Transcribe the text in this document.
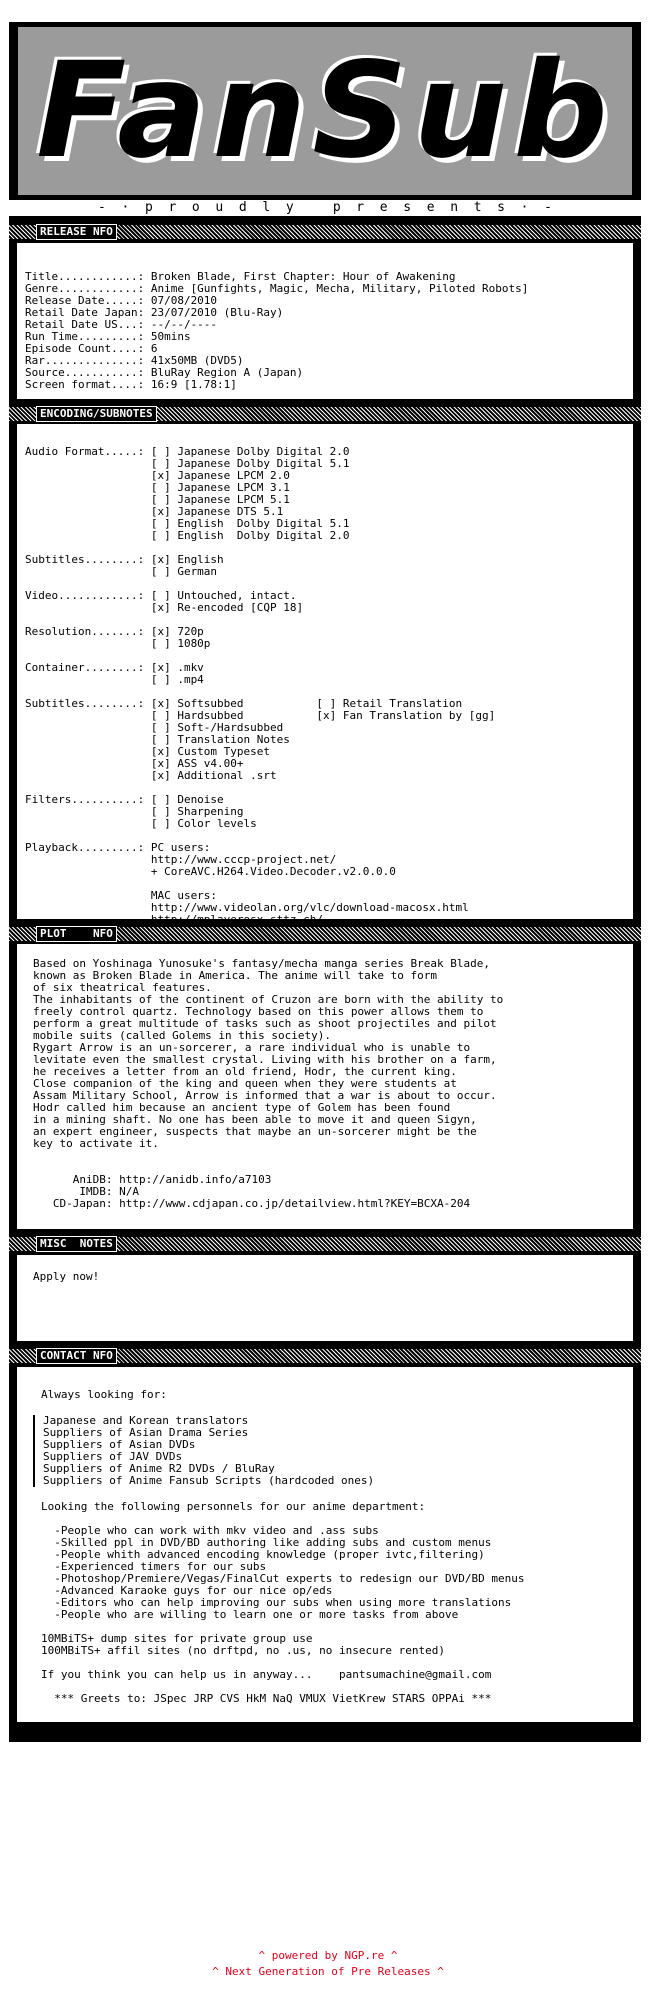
FanSub
-  ·  p  r  o  u  d  l  y     p  r  e  s  e  n  t  s  ·  -
RELEASE NFO
Title............: Broken Blade, First Chapter: Hour of Awakening
Genre............: Anime [Gunfights, Magic, Mecha, Military, Piloted Robots]
Release Date.....: 07/08/2010
Retail Date Japan: 23/07/2010 (Blu-Ray)
Retail Date US...: --/--/----
Run Time.........: 50mins
Episode Count....: 6
Rar..............: 41x50MB (DVD5)
Source...........: BluRay Region A (Japan)
Screen format....: 16:9 [1.78:1]
ENCODING/SUBNOTES
Audio Format.....: [ ] Japanese Dolby Digital 2.0
[ ] Japanese Dolby Digital 5.1
[x] Japanese LPCM 2.0
[ ] Japanese LPCM 3.1
[ ] Japanese LPCM 5.1
[x] Japanese DTS 5.1
[ ] English  Dolby Digital 5.1
[ ] English  Dolby Digital 2.0

Subtitles........: [x] English
[ ] German

Video............: [ ] Untouched, intact.
[x] Re-encoded [CQP 18]

Resolution.......: [x] 720p
[ ] 1080p

Container........: [x] .mkv
[ ] .mp4

Subtitles........: [x] Softsubbed           [ ] Retail Translation
[ ] Hardsubbed           [x] Fan Translation by [gg]
[ ] Soft-/Hardsubbed
[ ] Translation Notes
[x] Custom Typeset
[x] ASS v4.00+
[x] Additional .srt

Filters..........: [ ] Denoise
[ ] Sharpening
[ ] Color levels

Playback.........: PC users:
http://www.cccp-project.net/
+ CoreAVC.H264.Video.Decoder.v2.0.0.0

MAC users:
http://www.videolan.org/vlc/download-macosx.html
http://mplayerosx.sttz.ch/
PLOT    NFO
Based on Yoshinaga Yunosuke's fantasy/mecha manga series Break Blade,
known as Broken Blade in America. The anime will take to form
of six theatrical features.
The inhabitants of the continent of Cruzon are born with the ability to
freely control quartz. Technology based on this power allows them to
perform a great multitude of tasks such as shoot projectiles and pilot
mobile suits (called Golems in this society).
Rygart Arrow is an un-sorcerer, a rare individual who is unable to
levitate even the smallest crystal. Living with his brother on a farm,
he receives a letter from an old friend, Hodr, the current king.
Close companion of the king and queen when they were students at
Assam Military School, Arrow is informed that a war is about to occur.
Hodr called him because an ancient type of Golem has been found
in a mining shaft. No one has been able to move it and queen Sigyn,
an expert engineer, suspects that maybe an un-sorcerer might be the
key to activate it.

AniDB: http://anidb.info/a7103
IMDB: N/A
CD-Japan: http://www.cdjapan.co.jp/detailview.html?KEY=BCXA-204
MISC  NOTES
Apply now!
CONTACT NFO
Always looking for:
Japanese and Korean translators
Suppliers of Asian Drama Series
Suppliers of Asian DVDs
Suppliers of JAV DVDs
Suppliers of Anime R2 DVDs / BluRay
Suppliers of Anime Fansub Scripts (hardcoded ones)
Looking the following personnels for our anime department:

-People who can work with mkv video and .ass subs
-Skilled ppl in DVD/BD authoring like adding subs and custom menus
-People whith advanced encoding knowledge (proper ivtc,filtering)
-Experienced timers for our subs
-Photoshop/Premiere/Vegas/FinalCut experts to redesign our DVD/BD menus
-Advanced Karaoke guys for our nice op/eds
-Editors who can help improving our subs when using more translations
-People who are willing to learn one or more tasks from above

10MBiTS+ dump sites for private group use
100MBiTS+ affil sites (no drftpd, no .us, no insecure rented)

If you think you can help us in anyway...    pantsumachine@gmail.com

*** Greets to: JSpec JRP CVS HkM NaQ VMUX VietKrew STARS OPPAi ***
^ powered by NGP.re ^
^ Next Generation of Pre Releases ^
